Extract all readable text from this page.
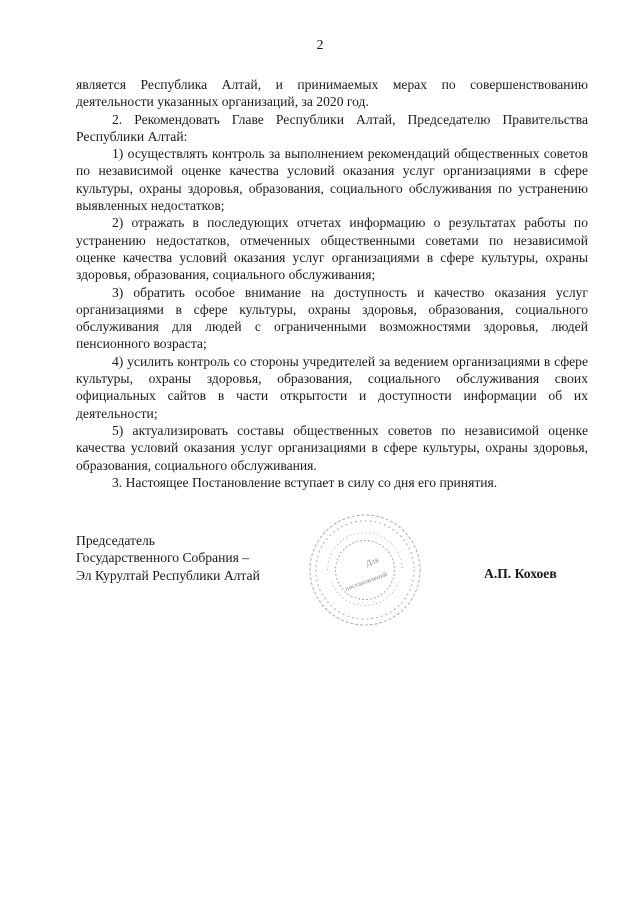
2

являeтся Республика Алтай, и принимаемых мерах по совершенствованию деятельности указанных организаций, за 2020 год.

2. Рекомендовать Главе Республики Алтай, Председателю Правительства Республики Алтай:

1) осуществлять контроль за выполнением рекомендаций общественных советов по независимой оценке качества условий оказания услуг организациями в сфере культуры, охраны здоровья, образования, социального обслуживания по устранению выявленных недостатков;

2) отражать в последующих отчетах информацию о результатах работы по устранению недостатков, отмеченных общественными советами по независимой оценке качества условий оказания услуг организациями в сфере культуры, охраны здоровья, образования, социального обслуживания;

3) обратить особое внимание на доступность и качество оказания услуг организациями в сфере культуры, охраны здоровья, образования, социального обслуживания для людей с ограниченными возможностями здоровья, людей пенсионного возраста;

4) усилить контроль со стороны учредителей за ведением организациями в сфере культуры, охраны здоровья, образования, социального обслуживания своих официальных сайтов в части открытости и доступности информации об их деятельности;

5) актуализировать составы общественных советов по независимой оценке качества условий оказания услуг организациями в сфере культуры, охраны здоровья, образования, социального обслуживания.

3. Настоящее Постановление вступает в силу со дня его принятия.

Председатель
Государственного Собрания –
Эл Курултай Республики Алтай
Для
постановлений	А.П. Кохоев
